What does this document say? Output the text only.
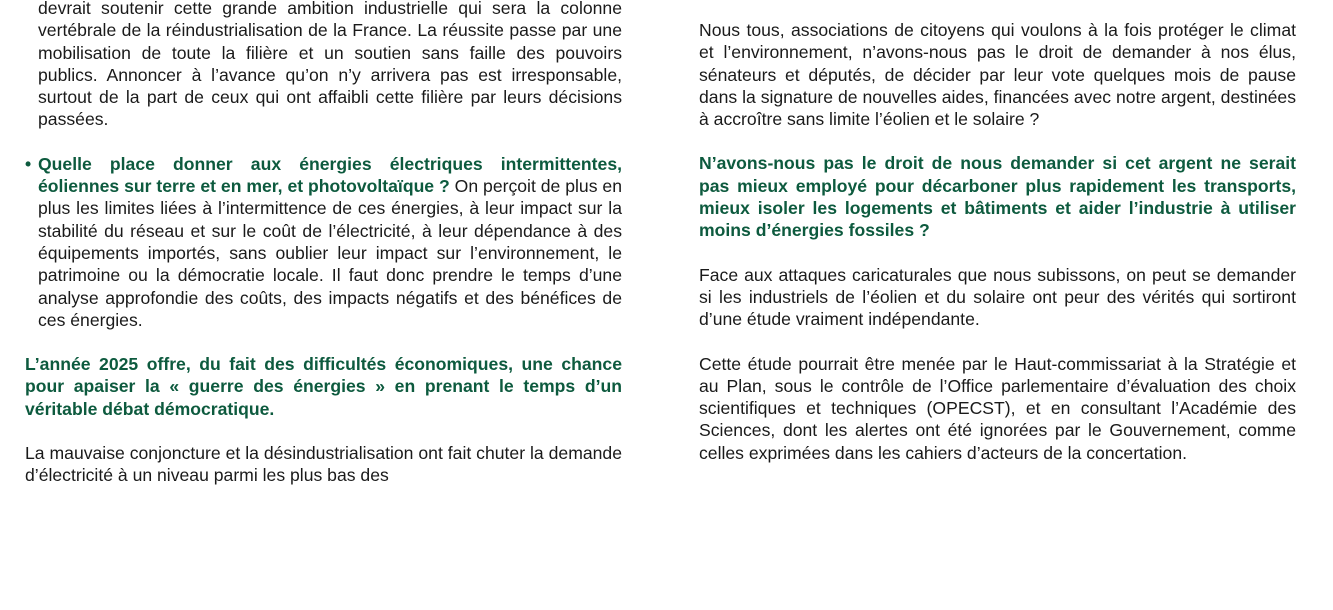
devrait soutenir cette grande ambition industrielle qui sera la colonne vertébrale de la réindustrialisation de la France. La réussite passe par une mobilisation de toute la filière et un soutien sans faille des pouvoirs publics. Annoncer à l’avance qu’on n’y arrivera pas est irresponsable, surtout de la part de ceux qui ont affaibli cette filière par leurs décisions passées.

• Quelle place donner aux énergies électriques intermittentes, éoliennes sur terre et en mer, et photovoltaïque ? On perçoit de plus en plus les limites liées à l’intermittence de ces énergies, à leur impact sur la stabilité du réseau et sur le coût de l’électricité, à leur dépendance à des équipements importés, sans oublier leur impact sur l’environnement, le patrimoine ou la démocratie locale. Il faut donc prendre le temps d’une analyse approfondie des coûts, des impacts négatifs et des bénéfices de ces énergies.

L’année 2025 offre, du fait des difficultés économiques, une chance pour apaiser la « guerre des énergies » en prenant le temps d’un véritable débat démocratique.

La mauvaise conjoncture et la désindustrialisation ont fait chuter la demande d’électricité à un niveau parmi les plus bas des

Nous tous, associations de citoyens qui voulons à la fois protéger le climat et l’environnement, n’avons-nous pas le droit de demander à nos élus, sénateurs et députés, de décider par leur vote quelques mois de pause dans la signature de nouvelles aides, financées avec notre argent, destinées à accroître sans limite l’éolien et le solaire ?

N’avons-nous pas le droit de nous demander si cet argent ne serait pas mieux employé pour décarboner plus rapidement les transports, mieux isoler les logements et bâtiments et aider l’industrie à utiliser moins d’énergies fossiles ?

Face aux attaques caricaturales que nous subissons, on peut se demander si les industriels de l’éolien et du solaire ont peur des vérités qui sortiront d’une étude vraiment indépendante.

Cette étude pourrait être menée par le Haut-commissariat à la Stratégie et au Plan, sous le contrôle de l’Office parlementaire d’évaluation des choix scientifiques et techniques (OPECST), et en consultant l’Académie des Sciences, dont les alertes ont été ignorées par le Gouvernement, comme celles exprimées dans les cahiers d’acteurs de la concertation.
